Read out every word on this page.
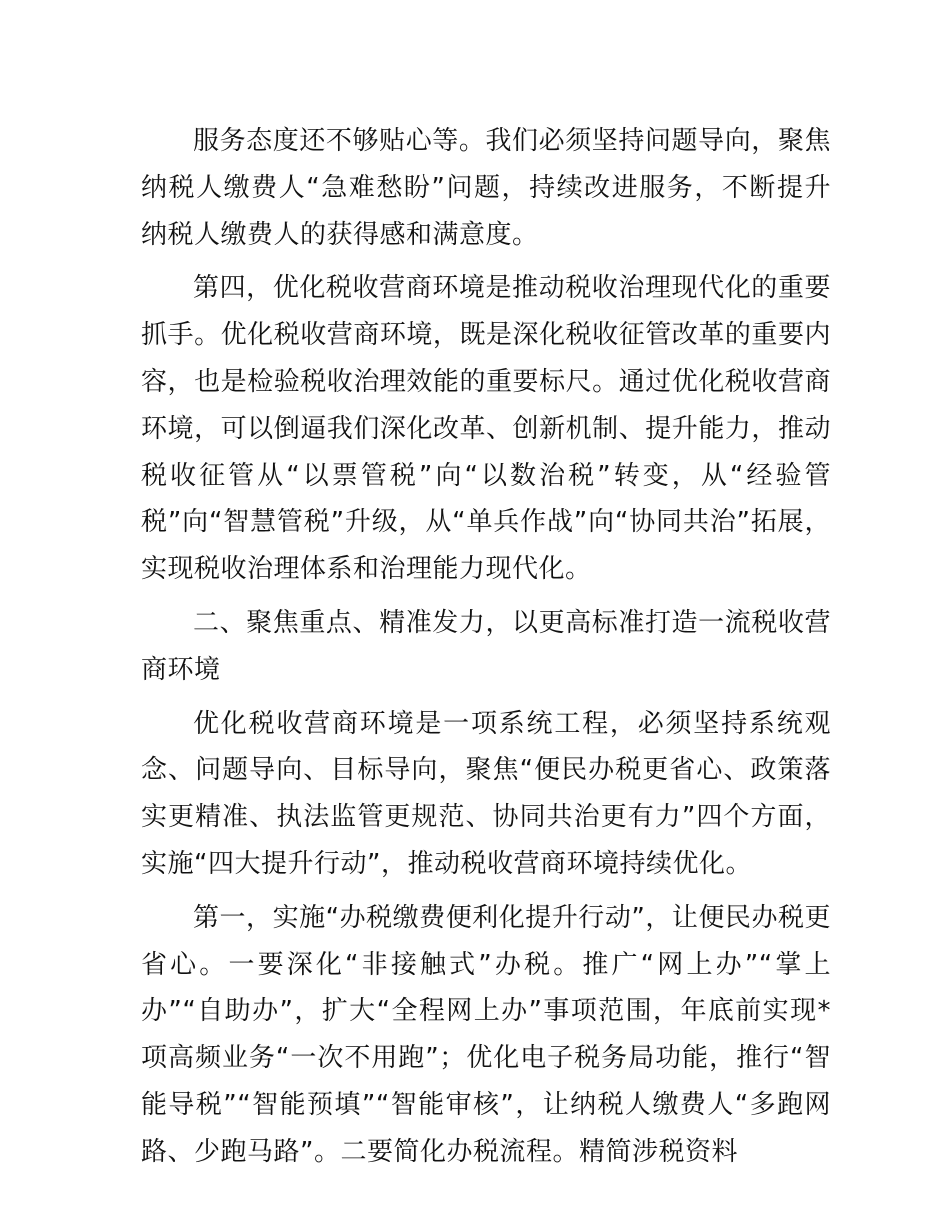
服务态度还不够贴心等。我们必须坚持问题导向，聚焦纳税人缴费人“急难愁盼”问题，持续改进服务，不断提升纳税人缴费人的获得感和满意度。

第四，优化税收营商环境是推动税收治理现代化的重要抓手。优化税收营商环境，既是深化税收征管改革的重要内容，也是检验税收治理效能的重要标尺。通过优化税收营商环境，可以倒逼我们深化改革、创新机制、提升能力，推动税收征管从“以票管税”向“以数治税”转变，从“经验管税”向“智慧管税”升级，从“单兵作战”向“协同共治”拓展，实现税收治理体系和治理能力现代化。

二、聚焦重点、精准发力，以更高标准打造一流税收营商环境

优化税收营商环境是一项系统工程，必须坚持系统观念、问题导向、目标导向，聚焦“便民办税更省心、政策落实更精准、执法监管更规范、协同共治更有力”四个方面，实施“四大提升行动”，推动税收营商环境持续优化。

第一，实施“办税缴费便利化提升行动”，让便民办税更省心。一要深化“非接触式”办税。推广“网上办”“掌上办”“自助办”，扩大“全程网上办”事项范围，年底前实现*项高频业务“一次不用跑”；优化电子税务局功能，推行“智能导税”“智能预填”“智能审核”，让纳税人缴费人“多跑网路、少跑马路”。二要简化办税流程。精简涉税资料
